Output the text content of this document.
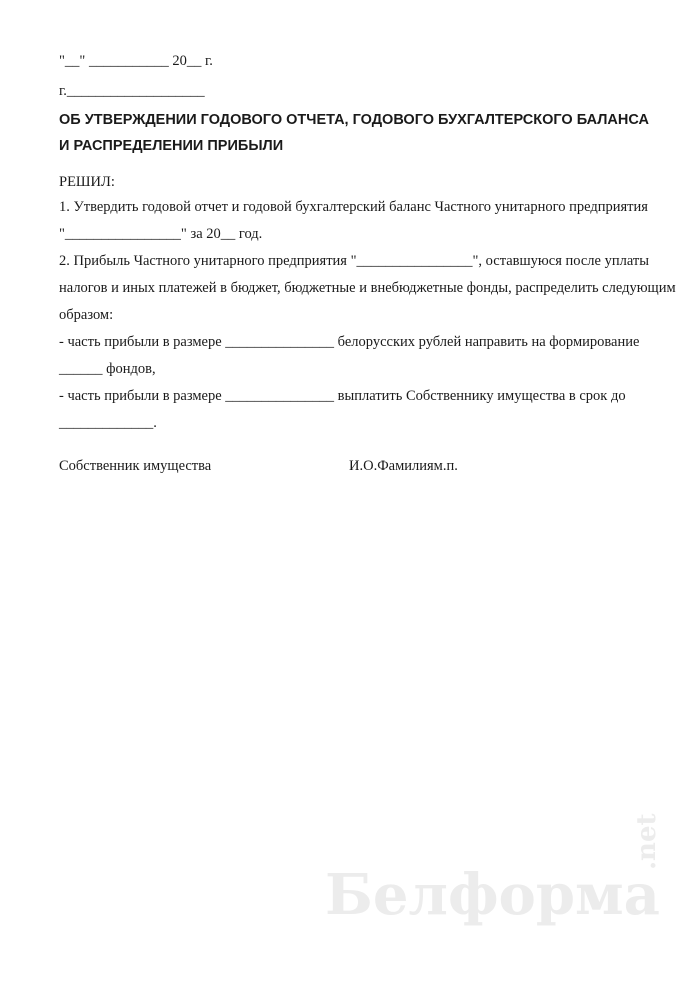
"__" ___________ 20__ г.
г.___________________
ОБ УТВЕРЖДЕНИИ ГОДОВОГО ОТЧЕТА, ГОДОВОГО БУХГАЛТЕРСКОГО БАЛАНСА И РАСПРЕДЕЛЕНИИ ПРИБЫЛИ
РЕШИЛ:
1. Утвердить годовой отчет и годовой бухгалтерский баланс Частного унитарного предприятия
"________________" за 20__ год.
2. Прибыль Частного унитарного предприятия "________________", оставшуюся после уплаты
налогов и иных платежей в бюджет, бюджетные и внебюджетные фонды, распределить следующим
образом:
- часть прибыли в размере _______________ белорусских рублей направить на формирование
______ фондов,
- часть прибыли в размере _______________ выплатить Собственнику имущества в срок до
_____________.
Собственник имущества	И.О.Фамилиям.п.
Белформа
.net
